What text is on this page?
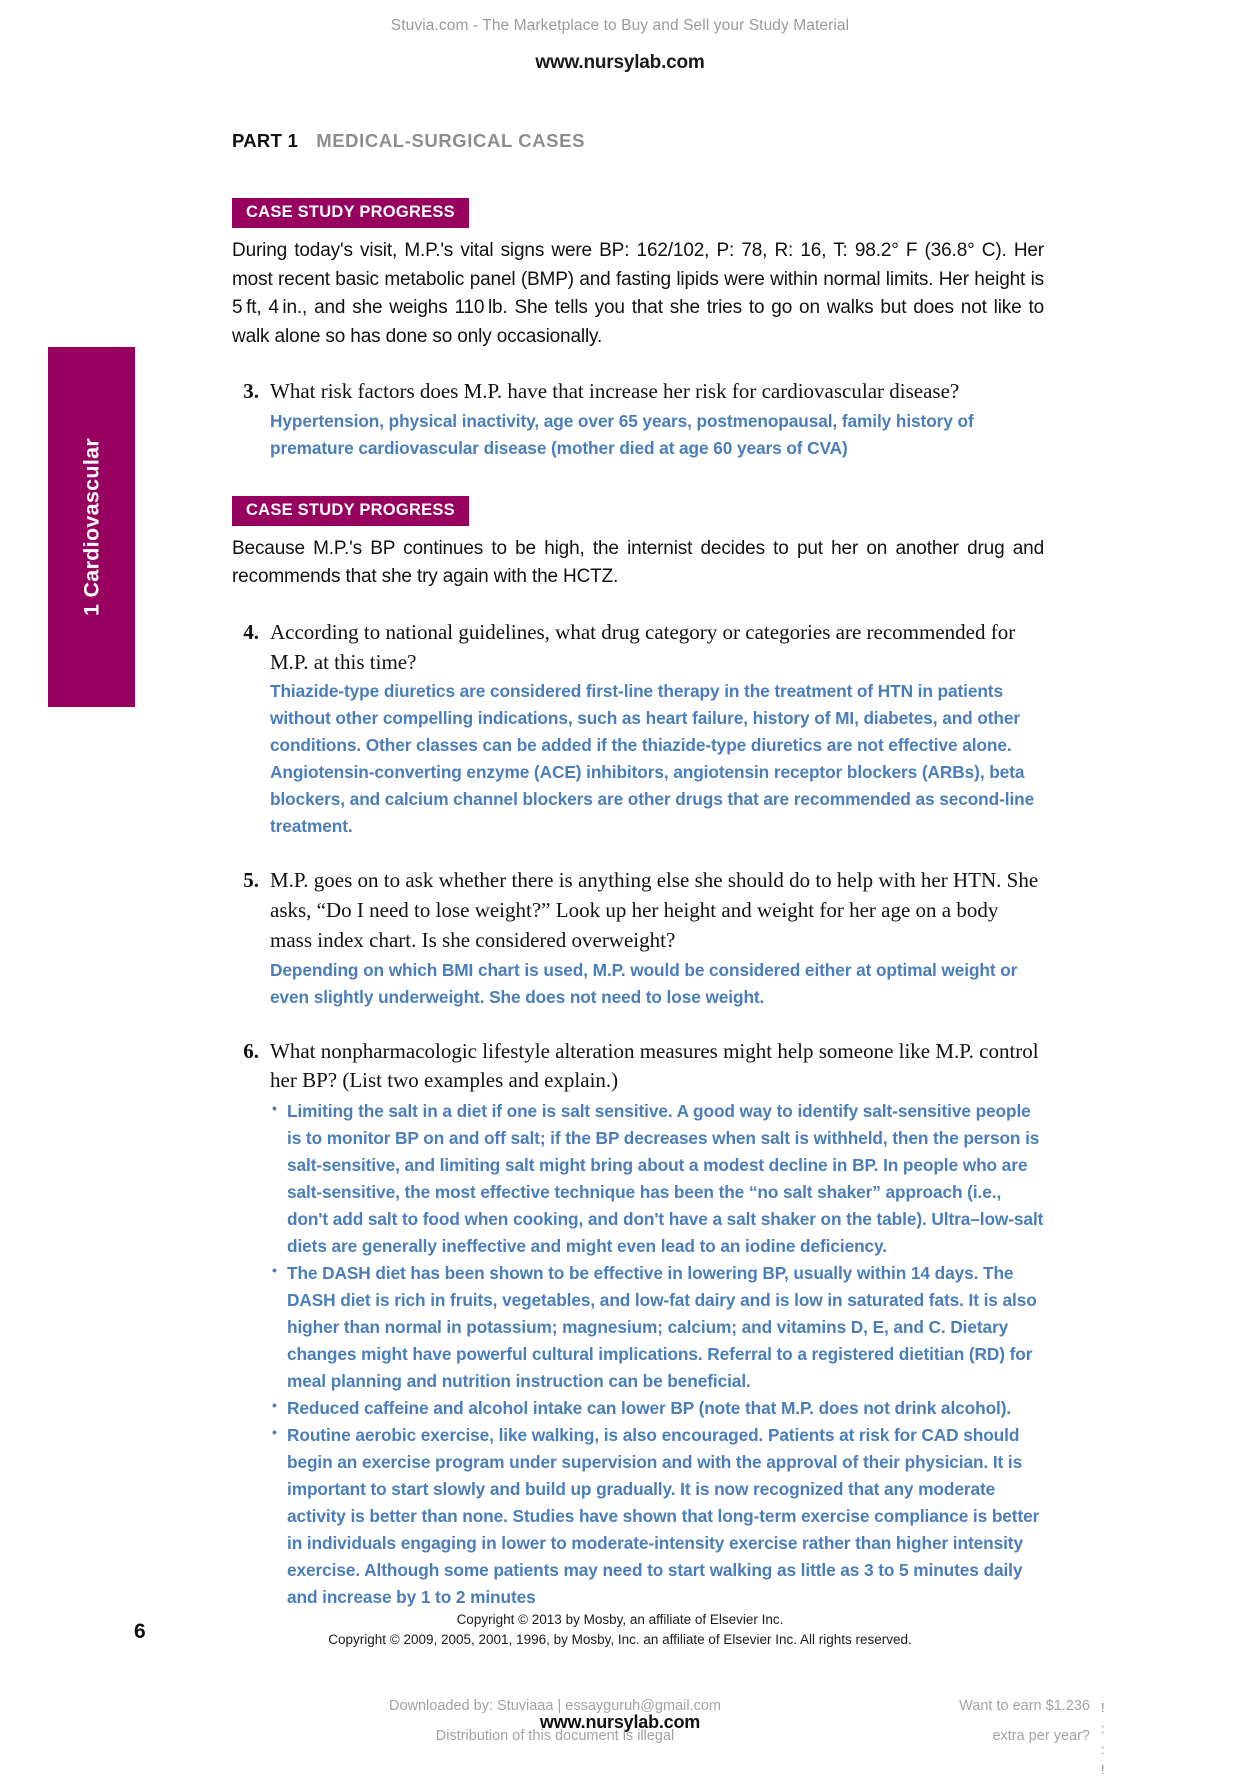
Stuvia.com - The Marketplace to Buy and Sell your Study Material
www.nursylab.com
1 Cardiovascular
PART 1 MEDICAL-SURGICAL CASES
CASE STUDY PROGRESS

During today's visit, M.P.'s vital signs were BP: 162/102, P: 78, R: 16, T: 98.2° F (36.8° C). Her most recent basic metabolic panel (BMP) and fasting lipids were within normal limits. Her height is 5 ft, 4 in., and she weighs 110 lb. She tells you that she tries to go on walks but does not like to walk alone so has done so only occasionally.

3. What risk factors does M.P. have that increase her risk for cardiovascular disease?

Hypertension, physical inactivity, age over 65 years, postmenopausal, family history of premature cardiovascular disease (mother died at age 60 years of CVA)

CASE STUDY PROGRESS

Because M.P.'s BP continues to be high, the internist decides to put her on another drug and recommends that she try again with the HCTZ.

4. According to national guidelines, what drug category or categories are recommended for M.P. at this time?

Thiazide-type diuretics are considered first-line therapy in the treatment of HTN in patients without other compelling indications, such as heart failure, history of MI, diabetes, and other conditions. Other classes can be added if the thiazide-type diuretics are not effective alone. Angiotensin-converting enzyme (ACE) inhibitors, angiotensin receptor blockers (ARBs), beta blockers, and calcium channel blockers are other drugs that are recommended as second-line treatment.

5. M.P. goes on to ask whether there is anything else she should do to help with her HTN. She asks, “Do I need to lose weight?” Look up her height and weight for her age on a body mass index chart. Is she considered overweight?

Depending on which BMI chart is used, M.P. would be considered either at optimal weight or even slightly underweight. She does not need to lose weight.

6. What nonpharmacologic lifestyle alteration measures might help someone like M.P. control her BP? (List two examples and explain.)

• Limiting the salt in a diet if one is salt sensitive. A good way to identify salt-sensitive people is to monitor BP on and off salt; if the BP decreases when salt is withheld, then the person is salt-sensitive, and limiting salt might bring about a modest decline in BP. In people who are salt-sensitive, the most effective technique has been the “no salt shaker” approach (i.e., don't add salt to food when cooking, and don't have a salt shaker on the table). Ultra–low-salt diets are generally ineffective and might even lead to an iodine deficiency.
• The DASH diet has been shown to be effective in lowering BP, usually within 14 days. The DASH diet is rich in fruits, vegetables, and low-fat dairy and is low in saturated fats. It is also higher than normal in potassium; magnesium; calcium; and vitamins D, E, and C. Dietary changes might have powerful cultural implications. Referral to a registered dietitian (RD) for meal planning and nutrition instruction can be beneficial.
• Reduced caffeine and alcohol intake can lower BP (note that M.P. does not drink alcohol).
• Routine aerobic exercise, like walking, is also encouraged. Patients at risk for CAD should begin an exercise program under supervision and with the approval of their physician. It is important to start slowly and build up gradually. It is now recognized that any moderate activity is better than none. Studies have shown that long-term exercise compliance is better in individuals engaging in lower to moderate-intensity exercise rather than higher intensity exercise. Although some patients may need to start walking as little as 3 to 5 minutes daily and increase by 1 to 2 minutes
6
Copyright © 2013 by Mosby, an affiliate of Elsevier Inc.
Copyright © 2009, 2005, 2001, 1996, by Mosby, Inc. an affiliate of Elsevier Inc. All rights reserved.
Downloaded by: Stuviaaa | essayguruh@gmail.com
Distribution of this document is illegal
Want to earn $1.236
extra per year?
www.nursylab.com
!
:
:
!
